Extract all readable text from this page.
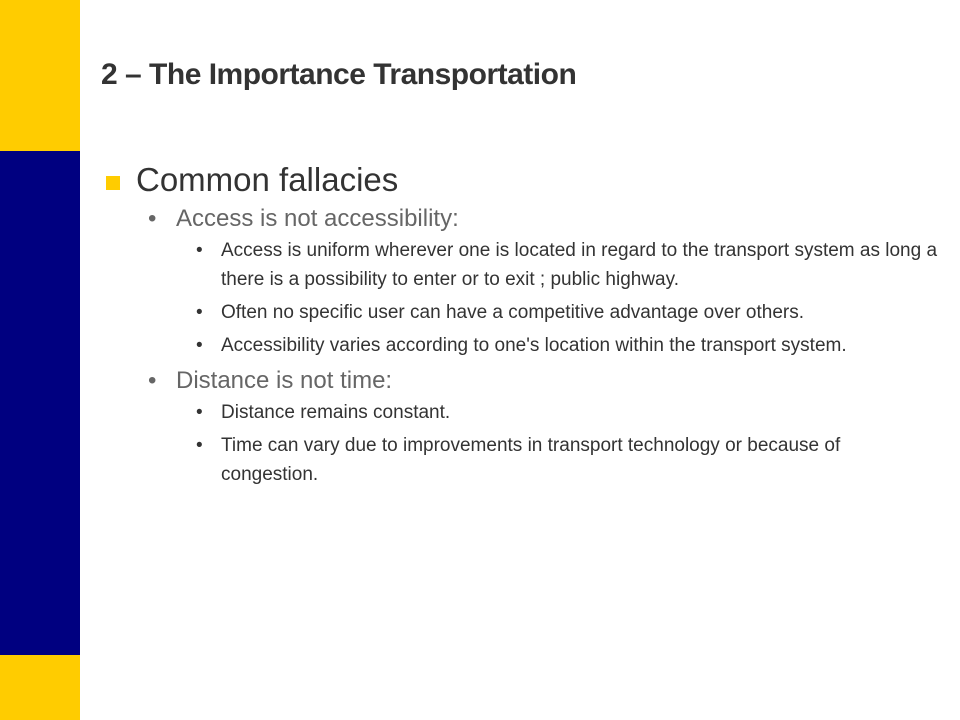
2 – The Importance Transportation
Common fallacies
• Access is not accessibility:
• Access is uniform wherever one is located in regard to the transport system as long a there is a possibility to enter or to exit ; public highway.
• Often no specific user can have a competitive advantage over others.
• Accessibility varies according to one's location within the transport system.
• Distance is not time:
• Distance remains constant.
• Time can vary due to improvements in transport technology or because of congestion.
